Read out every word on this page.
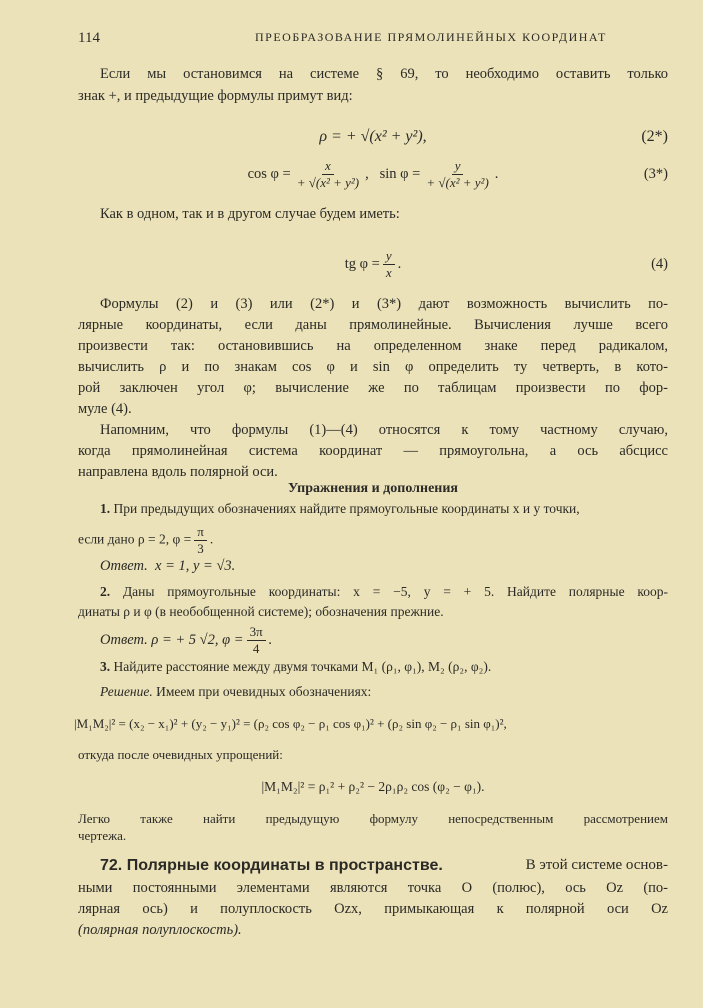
114	ПРЕОБРАЗОВАНИЕ ПРЯМОЛИНЕЙНЫХ КООРДИНАТ
Если мы остановимся на системе § 69, то необходимо оставить только
знак +, и предыдущие формулы примут вид:
ρ = + √(x² + y²),	(2*)
$\cos \varphi = \frac{x}{\text{+ √(x² + y²)}}$ ,   $\sin \varphi = \frac{y}{\text{+ √(x² + y²)}}$ .	(3*)
Как в одном, так и в другом случае будем иметь:
tg $\varphi = \frac{y}{x}$ .	(4)
Формулы (2) и (3) или (2*) и (3*) дают возможность вычислить по-
лярные координаты, если даны прямолинейные. Вычисления лучше всего
произвести так: остановившись на определенном знаке перед радикалом,
вычислить ρ и по знакам cos φ и sin φ определить ту четверть, в кото-
рой заключен угол φ; вычисление же по таблицам произвести по фор-
муле (4).
Напомним, что формулы (1)—(4) относятся к тому частному случаю,
когда прямолинейная система координат — прямоугольна, а ось абсцисс
направлена вдоль полярной оси.
Упражнения и дополнения
1. При предыдущих обозначениях найдите прямоугольные координаты x и y точки,
если дано ρ = 2, $\varphi = \frac{\pi}{3}$ .
Ответ. x = 1, y = √3.
2. Даны прямоугольные координаты: x = −5, y = + 5. Найдите полярные коор-
динаты ρ и φ (в необобщенной системе); обозначения прежние.
Ответ. ρ = + 5 √2, $\varphi = \frac{3\pi}{4}$ .
3. Найдите расстояние между двумя точками M₁ (ρ₁, φ₁), M₂ (ρ₂, φ₂).
Решение. Имеем при очевидных обозначениях:
|M₁M₂|² = (x₂ − x₁)² + (y₂ − y₁)² = (ρ₂ cos φ₂ − ρ₁ cos φ₁)² + (ρ₂ sin φ₂ − ρ₁ sin φ₁)²,
откуда после очевидных упрощений:
|M₁M₂|² = ρ₁² + ρ₂² − 2ρ₁ρ₂ cos (φ₂ − φ₁).
Легко также найти предыдущую формулу непосредственным рассмотрением
чертежа.
72. Полярные координаты в пространстве.	В этой системе основ-
ными постоянными элементами являются точка O (полюс), ось Oz (по-
лярная ось) и полуплоскость Ozx, примыкающая к полярной оси Oz
(полярная полуплоскость).
